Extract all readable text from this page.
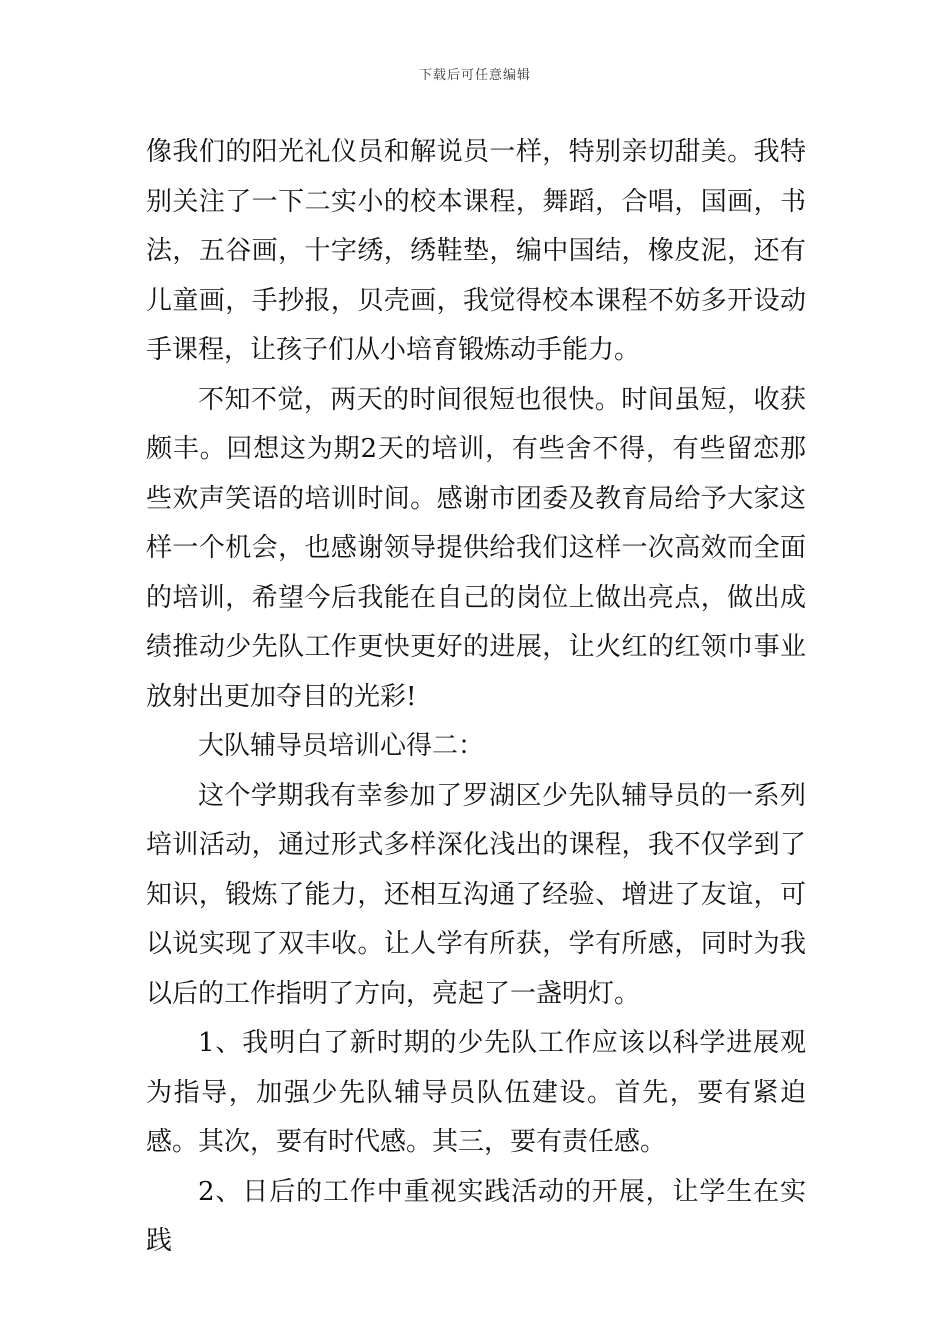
下载后可任意编辑

像我们的阳光礼仪员和解说员一样，特别亲切甜美。我特别关注了一下二实小的校本课程，舞蹈，合唱，国画，书法，五谷画，十字绣，绣鞋垫，编中国结，橡皮泥，还有儿童画，手抄报，贝壳画，我觉得校本课程不妨多开设动手课程，让孩子们从小培育锻炼动手能力。

不知不觉，两天的时间很短也很快。时间虽短，收获颇丰。回想这为期2天的培训，有些舍不得，有些留恋那些欢声笑语的培训时间。感谢市团委及教育局给予大家这样一个机会，也感谢领导提供给我们这样一次高效而全面的培训，希望今后我能在自己的岗位上做出亮点，做出成绩推动少先队工作更快更好的进展，让火红的红领巾事业放射出更加夺目的光彩!

大队辅导员培训心得二：

这个学期我有幸参加了罗湖区少先队辅导员的一系列培训活动，通过形式多样深化浅出的课程，我不仅学到了知识，锻炼了能力，还相互沟通了经验、增进了友谊，可以说实现了双丰收。让人学有所获，学有所感，同时为我以后的工作指明了方向，亮起了一盏明灯。

1、我明白了新时期的少先队工作应该以科学进展观为指导，加强少先队辅导员队伍建设。首先，要有紧迫感。其次，要有时代感。其三，要有责任感。

2、日后的工作中重视实践活动的开展，让学生在实践
